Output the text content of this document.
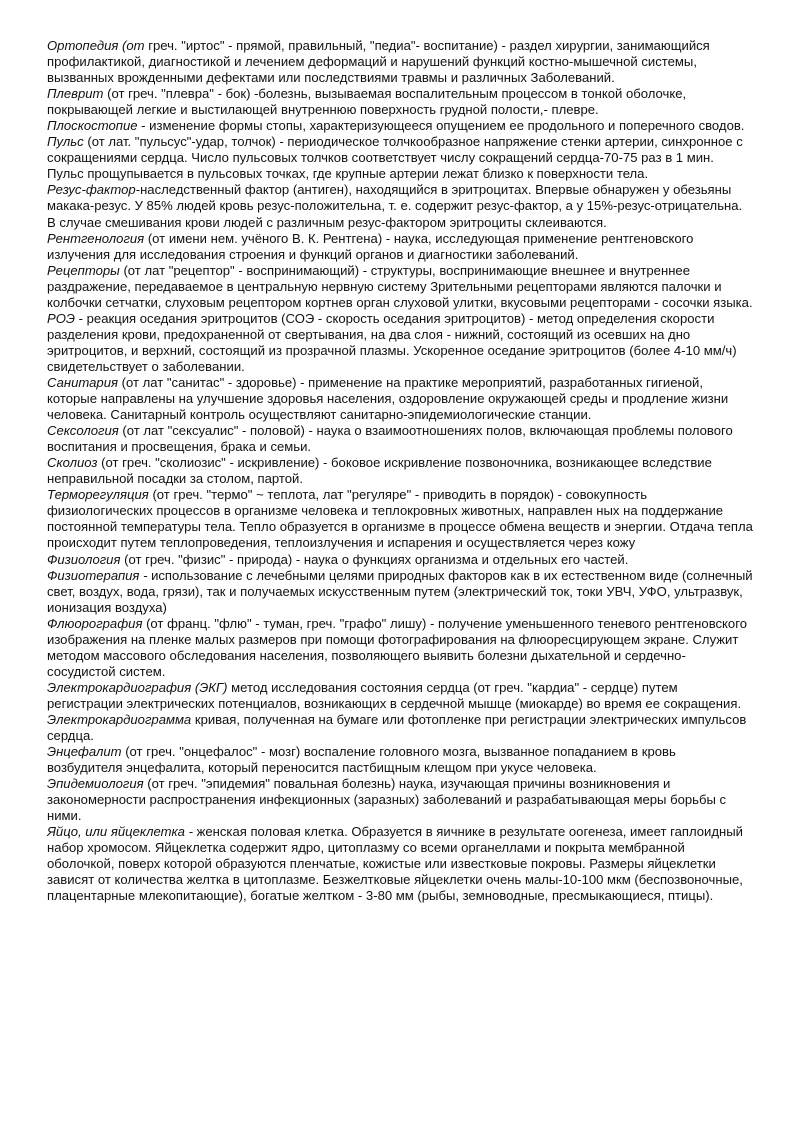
Ортопедия (от греч. "иртос" - прямой, правильный, "педиа"- воспитание) - раздел хирургии, занимающийся профилактикой, диагностикой и лечением деформаций и нарушений функций костно-мышечной системы, вызванных врожденными дефектами или последствиями травмы и различных Заболеваний.

Плеврит (от греч. "плевра" - бок) -болезнь, вызываемая воспалительным процессом в тонкой оболочке, покрывающей легкие и выстилающей внутреннюю поверхность грудной полости,- плевре.

Плоскостопие - изменение формы стопы, характеризующееся опущением ее продольного и поперечного сводов.

Пульс (от лат. "пульсус"-удар, толчок) - периодическое толчкообразное напряжение стенки артерии, синхронное с сокращениями сердца. Число пульсовых толчков соответствует числу сокращений сердца-70-75 раз в 1 мин. Пульс прощупывается в пульсовых точках, где крупные артерии лежат близко к поверхности тела.

Резус-фактор-наследственный фактор (антиген), находящийся в эритроцитах. Впервые обнаружен у обезьяны макака-резус. У 85% людей кровь резус-положительна, т. е. содержит резус-фактор, а у 15%-резус-отрицательна. В случае смешивания крови людей с различным резус-фактором эритроциты склеиваются.

Рентгенология (от имени нем. учёного В. К. Рентгена) - наука, исследующая применение рентгеновского излучения для исследования строения и функций органов и диагностики заболеваний.

Рецепторы (от лат "рецептор" - воспринимающий) - структуры, воспринимающие внешнее и внутреннее раздражение, передаваемое в центральную нервную систему Зрительными рецепторами являются палочки и колбочки сетчатки, слуховым рецептором кортнев орган слуховой улитки, вкусовыми рецепторами - сосочки языка.

РОЭ - реакция оседания эритроцитов (СОЭ - скорость оседания эритроцитов) - метод определения скорости разделения крови, предохраненной от свертывания, на два слоя - нижний, состоящий из осевших на дно эритроцитов, и верхний, состоящий из прозрачной плазмы. Ускоренное оседание эритроцитов (более 4-10 мм/ч) свидетельствует о заболевании.

Санитария (от лат "санитас" - здоровье) - применение на практике мероприятий, разработанных гигиеной, которые направлены на улучшение здоровья населения, оздоровление окружающей среды и продление жизни человека. Санитарный контроль осуществляют санитарно-эпидемиологические станции.

Сексология (от лат "сексуалис" - половой) - наука о взаимоотношениях полов, включающая проблемы полового воспитания и просвещения, брака и семьи.

Сколиоз (от греч. "сколиозис" - искривление) - боковое искривление позвоночника, возникающее вследствие неправильной посадки за столом, партой.

Терморегуляция (от греч. "термо" ~ теплота, лат "регуляре" - приводить в порядок) - совокупность физиологических процессов в организме человека и теплокровных животных, направлен ных на поддержание постоянной температуры тела. Тепло образуется в организме в процессе обмена веществ и энергии. Отдача тепла происходит путем теплопроведения, теплоизлучения и испарения и осуществляется через кожу

Физиология (от греч. "физис" - природа) - наука о функциях организма и отдельных его частей.

Физиотерапия - использование с лечебными целями природных факторов как в их естественном виде (солнечный свет, воздух, вода, грязи), так и получаемых искусственным путем (электрический ток, токи УВЧ, УФО, ультразвук, ионизация воздуха)

Флюорография (от франц. "флю" - туман, греч. "графо" лишу) - получение уменьшенного теневого рентгеновского изображения на пленке малых размеров при помощи фотографирования на флюоресцирующем экране. Служит методом массового обследования населения, позволяющего выявить болезни дыхательной и сердечно-сосудистой систем.

Электрокардиография (ЭКГ) метод исследования состояния сердца (от греч. "кардиа" - сердце) путем регистрации электрических потенциалов, возникающих в сердечной мышце (миокарде) во время ее сокращения.

Электрокардиограмма кривая, полученная на бумаге или фотопленке при регистрации электрических импульсов сердца.

Энцефалит (от греч. "онцефалос" - мозг) воспаление головного мозга, вызванное попаданием в кровь возбудителя энцефалита, который переносится пастбищным клещом при укусе человека.

Эпидемиология (от греч. "эпидемия" повальная болезнь) наука, изучающая причины возникновения и закономерности распространения инфекционных (заразных) заболеваний и разрабатывающая меры борьбы с ними.

Яйцо, или яйцеклетка - женская половая клетка. Образуется в яичнике в результате оогенеза, имеет гаплоидный набор хромосом. Яйцеклетка содержит ядро, цитоплазму со всеми органеллами и покрыта мембранной оболочкой, поверх которой образуются пленчатые, кожистые или известковые покровы. Размеры яйцеклетки зависят от количества желтка в цитоплазме. Безжелтковые яйцеклетки очень малы-10-100 мкм (беспозвоночные, плацентарные млекопитающие), богатые желтком - 3-80 мм (рыбы, земноводные, пресмыкающиеся, птицы).
